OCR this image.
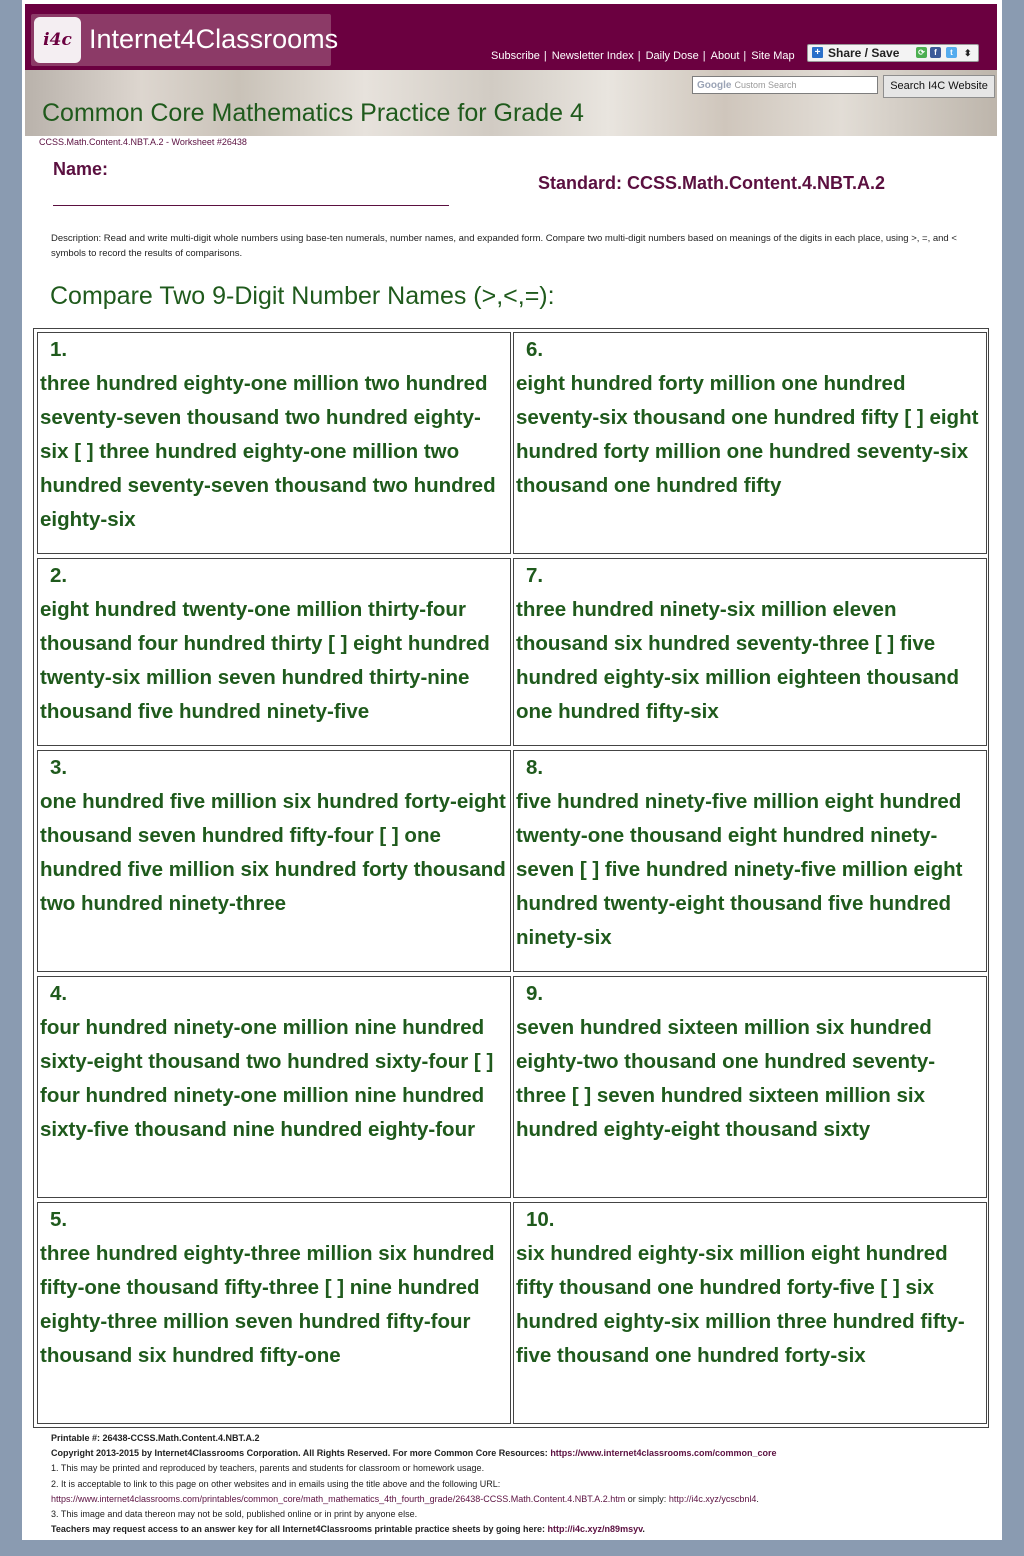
i4c Internet4Classrooms
Subscribe | Newsletter Index | Daily Dose | About | Site Map + Share / Save ⟳	f	t	⬍
Google Custom Search	Search I4C Website
Common Core Mathematics Practice for Grade 4
CCSS.Math.Content.4.NBT.A.2 - Worksheet #26438
Name:
Standard: CCSS.Math.Content.4.NBT.A.2
Description: Read and write multi-digit whole numbers using base-ten numerals, number names, and expanded form. Compare two multi-digit numbers based on meanings of the digits in each place, using >, =, and < symbols to record the results of comparisons.
Compare Two 9-Digit Number Names (>,<,=):
1.
three hundred eighty-one million two hundred seventy-seven thousand two hundred eighty-six [ ] three hundred eighty-one million two hundred seventy-seven thousand two hundred eighty-six
6.
eight hundred forty million one hundred seventy-six thousand one hundred fifty [ ] eight hundred forty million one hundred seventy-six thousand one hundred fifty
2.
eight hundred twenty-one million thirty-four thousand four hundred thirty [ ] eight hundred twenty-six million seven hundred thirty-nine thousand five hundred ninety-five
7.
three hundred ninety-six million eleven thousand six hundred seventy-three [ ] five hundred eighty-six million eighteen thousand one hundred fifty-six
3.
one hundred five million six hundred forty-eight thousand seven hundred fifty-four [ ] one hundred five million six hundred forty thousand two hundred ninety-three
8.
five hundred ninety-five million eight hundred twenty-one thousand eight hundred ninety-seven [ ] five hundred ninety-five million eight hundred twenty-eight thousand five hundred ninety-six
4.
four hundred ninety-one million nine hundred sixty-eight thousand two hundred sixty-four [ ] four hundred ninety-one million nine hundred sixty-five thousand nine hundred eighty-four
9.
seven hundred sixteen million six hundred eighty-two thousand one hundred seventy-three [ ] seven hundred sixteen million six hundred eighty-eight thousand sixty
5.
three hundred eighty-three million six hundred fifty-one thousand fifty-three [ ] nine hundred eighty-three million seven hundred fifty-four thousand six hundred fifty-one
10.
six hundred eighty-six million eight hundred fifty thousand one hundred forty-five [ ] six hundred eighty-six million three hundred fifty-five thousand one hundred forty-six
Printable #: 26438-CCSS.Math.Content.4.NBT.A.2
Copyright 2013-2015 by Internet4Classrooms Corporation. All Rights Reserved. For more Common Core Resources: https://www.internet4classrooms.com/common_core
1. This may be printed and reproduced by teachers, parents and students for classroom or homework usage.
2. It is acceptable to link to this page on other websites and in emails using the title above and the following URL:
https://www.internet4classrooms.com/printables/common_core/math_mathematics_4th_fourth_grade/26438-CCSS.Math.Content.4.NBT.A.2.htm or simply: http://i4c.xyz/ycscbnl4.
3. This image and data thereon may not be sold, published online or in print by anyone else.
Teachers may request access to an answer key for all Internet4Classrooms printable practice sheets by going here: http://i4c.xyz/n89msyv.
